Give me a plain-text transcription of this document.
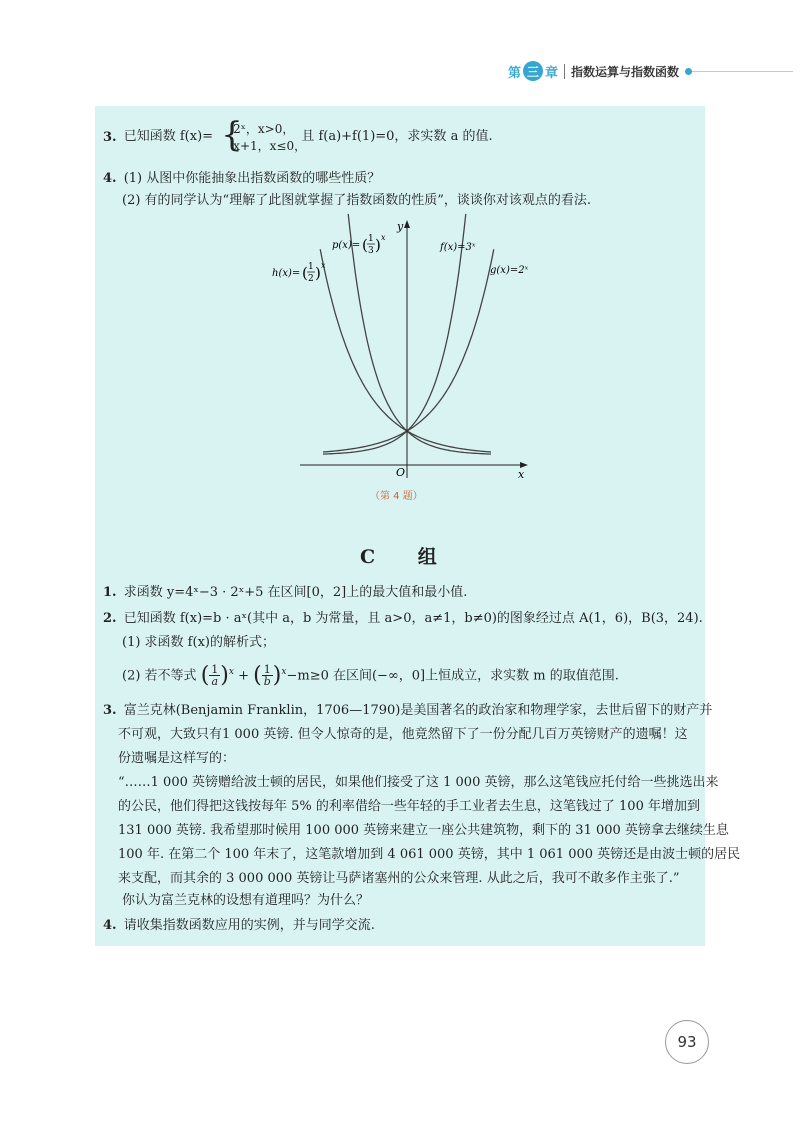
第 三 章 指数运算与指数函数
3. 已知函数 f(x)= {
2ˣ，x>0，
x+1，x≤0，
且 f(a)+f(1)=0，求实数 a 的值.
4. (1) 从图中你能抽象出指数函数的哪些性质？
(2) 有的同学认为“理解了此图就掌握了指数函数的性质”，谈谈你对该观点的看法.
x
y
O
h(x)= ( 1
2 ) x
p(x)= ( 1
3 ) x
f(x)=3ˣ
g(x)=2ˣ
（第 4 题）
C 组
1. 求函数 y=4ˣ−3 · 2ˣ+5 在区间[0，2]上的最大值和最小值.
2. 已知函数 f(x)=b · aˣ(其中 a，b 为常量，且 a>0，a≠1，b≠0)的图象经过点 A(1，6)，B(3，24).
(1) 求函数 f(x)的解析式；
(2) 若不等式 ( $\frac{1}{a} )^x$ + ( $\frac{1}{b} )^x-m\ge 0$ 在区间(−∞，0]上恒成立，求实数 m 的取值范围.
3. 富兰克林(Benjamin Franklin，1706—1790)是美国著名的政治家和物理学家，去世后留下的财产并
不可观，大致只有1 000 英镑. 但令人惊奇的是，他竟然留下了一份分配几百万英镑财产的遗嘱！这
份遗嘱是这样写的：
“……1 000 英镑赠给波士顿的居民，如果他们接受了这 1 000 英镑，那么这笔钱应托付给一些挑选出来
的公民，他们得把这钱按每年 5% 的利率借给一些年轻的手工业者去生息，这笔钱过了 100 年增加到
131 000 英镑. 我希望那时候用 100 000 英镑来建立一座公共建筑物，剩下的 31 000 英镑拿去继续生息
100 年. 在第二个 100 年末了，这笔款增加到 4 061 000 英镑，其中 1 061 000 英镑还是由波士顿的居民
来支配，而其余的 3 000 000 英镑让马萨诸塞州的公众来管理. 从此之后，我可不敢多作主张了.”
你认为富兰克林的设想有道理吗？为什么？
4. 请收集指数函数应用的实例，并与同学交流.
93
